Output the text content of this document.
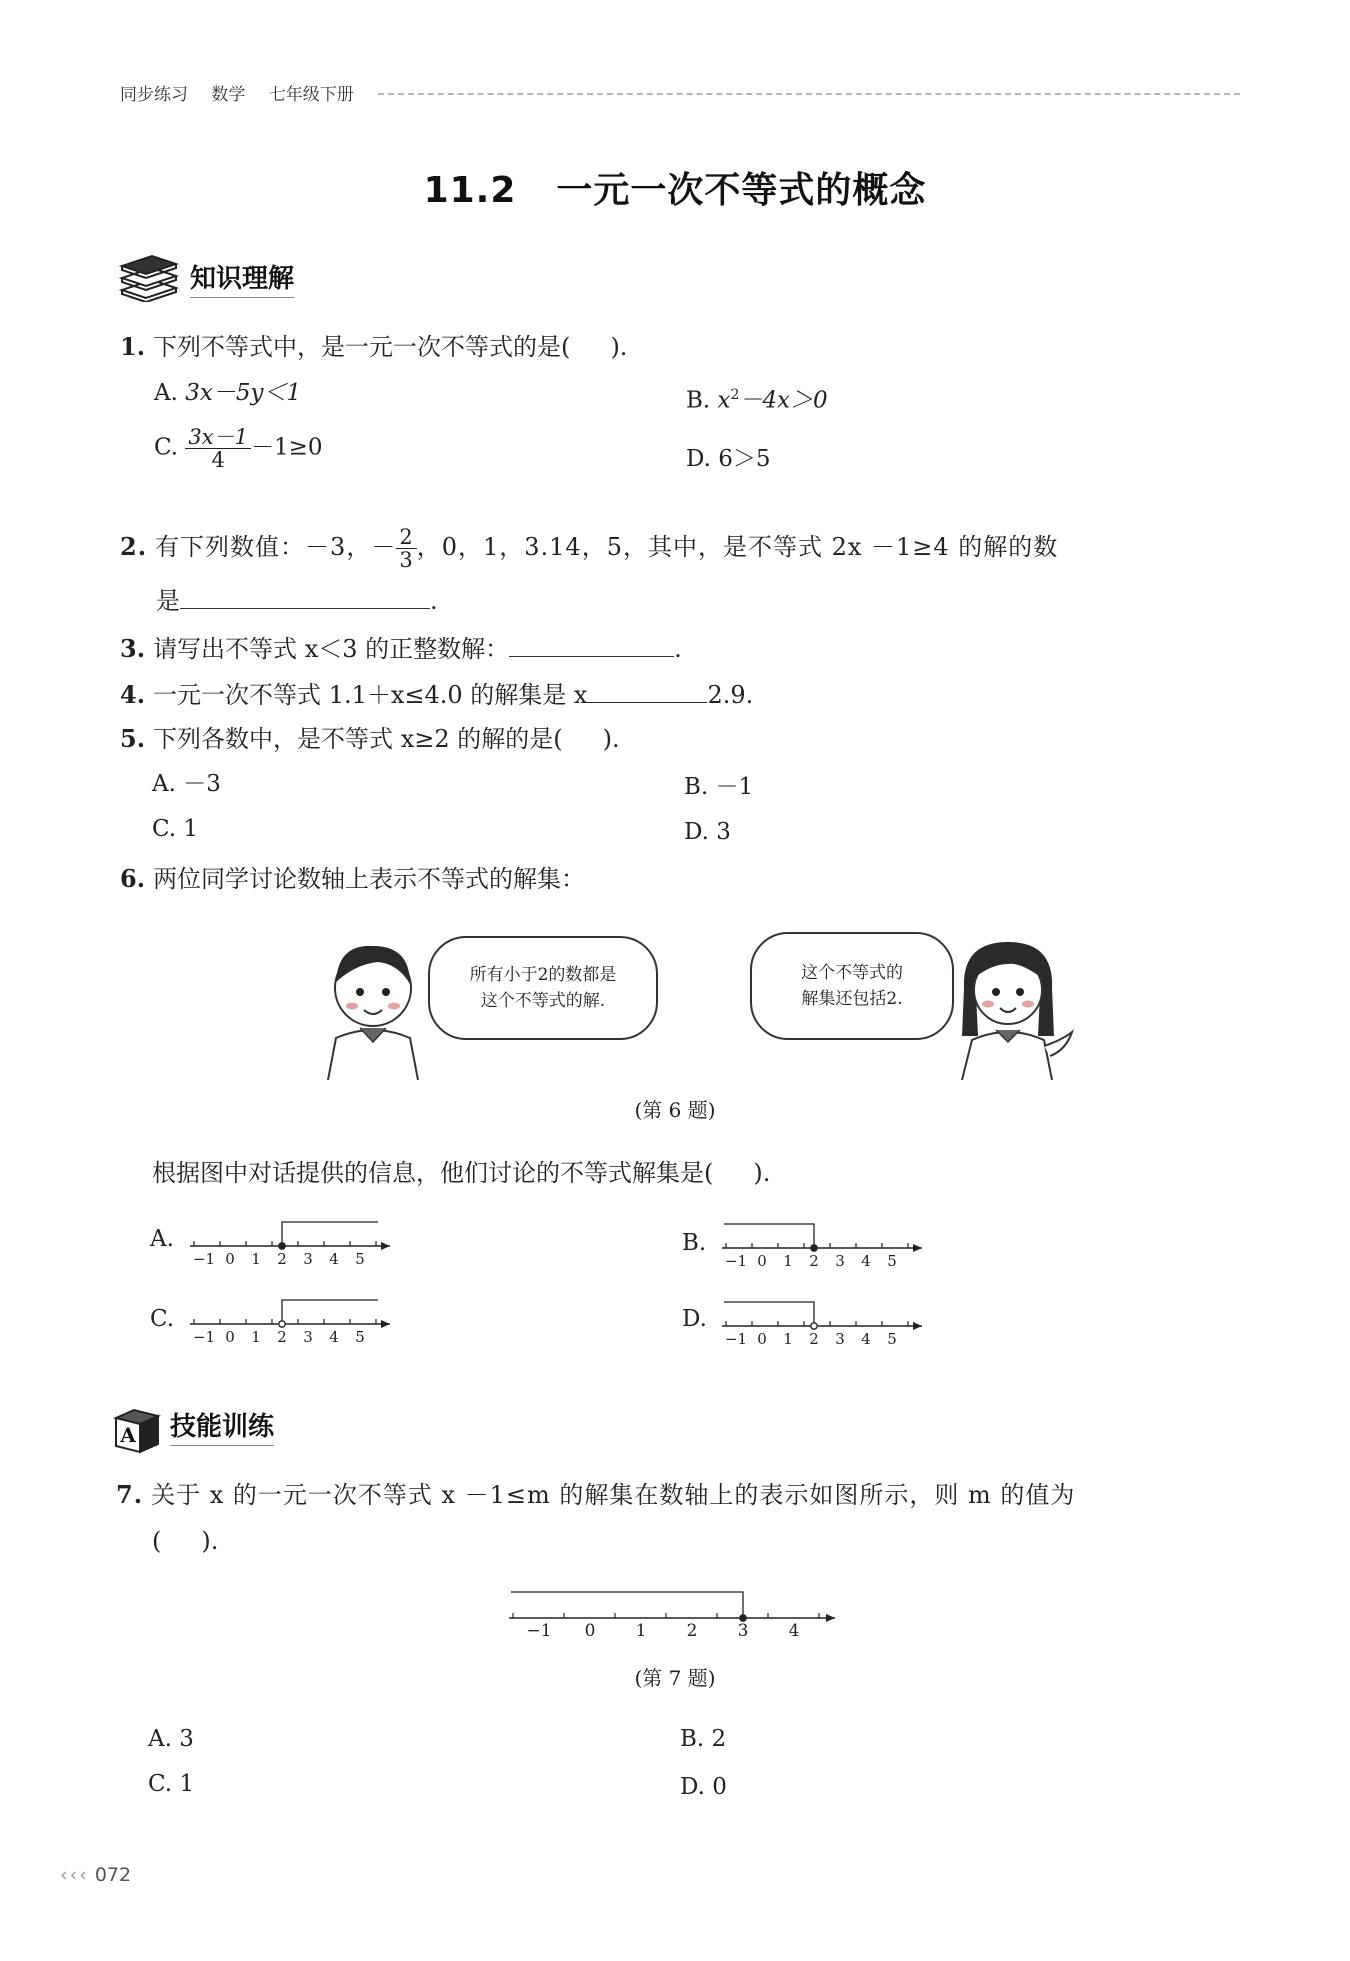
同步练习 数学 七年级下册
11.2 一元一次不等式的概念
知识理解
1. 下列不等式中，是一元一次不等式的是( ).
A. 3x－5y＜1	B. $x^2-4x>0$
C. $\frac{3x-1}{4} -1\ge 0$	D. 6＞5
2. 有下列数值：－3，－ $\frac{2}{3}$ ，0，1，3.14，5，其中，是不等式 2x －1≥4 的解的数
是	.
3. 请写出不等式 x＜3 的正整数解：	.
4. 一元一次不等式 1.1＋x≤4.0 的解集是 x	2.9.
5. 下列各数中，是不等式 x≥2 的解的是( ).
A. －3	B. －1
C. 1	D. 3
6. 两位同学讨论数轴上表示不等式的解集：
所有小于2的数都是
这个不等式的解.
这个不等式的
解集还包括2.
(第 6 题)
根据图中对话提供的信息，他们讨论的不等式解集是( ).
A.
−1 0 1 2 3 4 5
B.
−1 0 1 2 3 4 5
C.
−1 0 1 2 3 4 5
D.
−1 0 1 2 3 4 5
A 技能训练
7. 关于 x 的一元一次不等式 x －1≤m 的解集在数轴上的表示如图所示，则 m 的值为
( ).
−1 0 1 2 3 4
(第 7 题)
A. 3	B. 2
C. 1	D. 0
‹‹‹ 072
